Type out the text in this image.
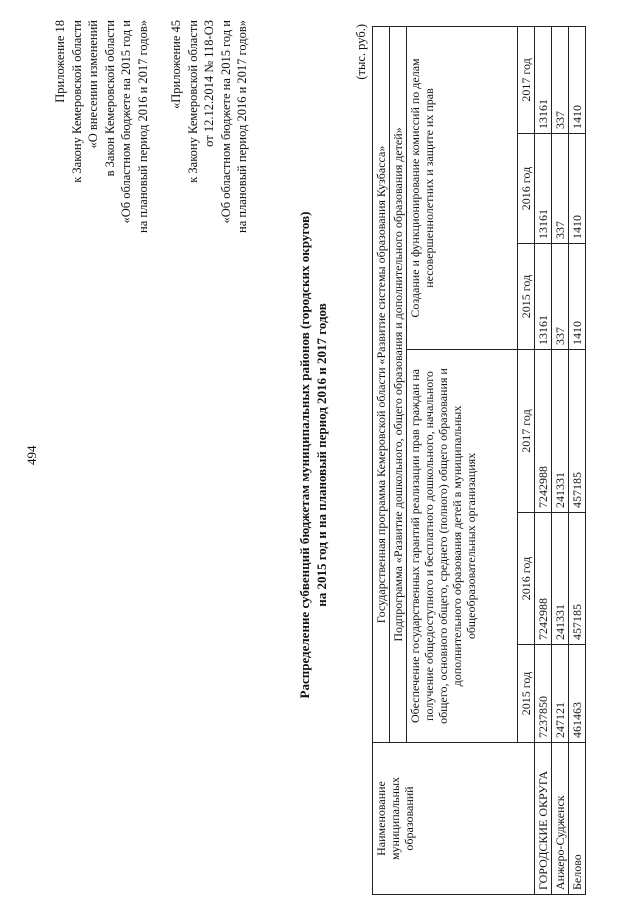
494
Приложение 18 к Закону Кемеровской области «О внесении изменений в Закон Кемеровской области «Об областном бюджете на 2015 год и на плановый период 2016 и 2017 годов» «Приложение 45 к Закону Кемеровской области от 12.12.2014 № 118-ОЗ «Об областном бюджете на 2015 год и на плановый период 2016 и 2017 годов»
Распределение субвенций бюджетам муниципальных районов (городских округов) на 2015 год и на плановый период 2016 и 2017 годов
(тыс. руб.)
Наименование муниципальных образований	Государственная программа Кемеровской области «Развитие системы образования Кузбасса»					
	Подпрограмма «Развитие дошкольного, общего образования и дополнительного образования детей»					
	Обеспечение государственных гарантий реализации прав граждан на получение общедоступного и бесплатного дошкольного, начального общего, основного общего, среднего (полного) общего образования и дополнительного образования детей в муниципальных общеобразовательных организациях			Создание и функционирование комиссий по делам несовершеннолетних и защите их прав		
	2015 год	2016 год	2017 год	2015 год	2016 год	2017 год
ГОРОДСКИЕ ОКРУГА	7237850	7242988	7242988	13161	13161	13161
Анжеро-Судженск	247121	241331	241331	337	337	337
Белово	461463	457185	457185	1410	1410	1410
